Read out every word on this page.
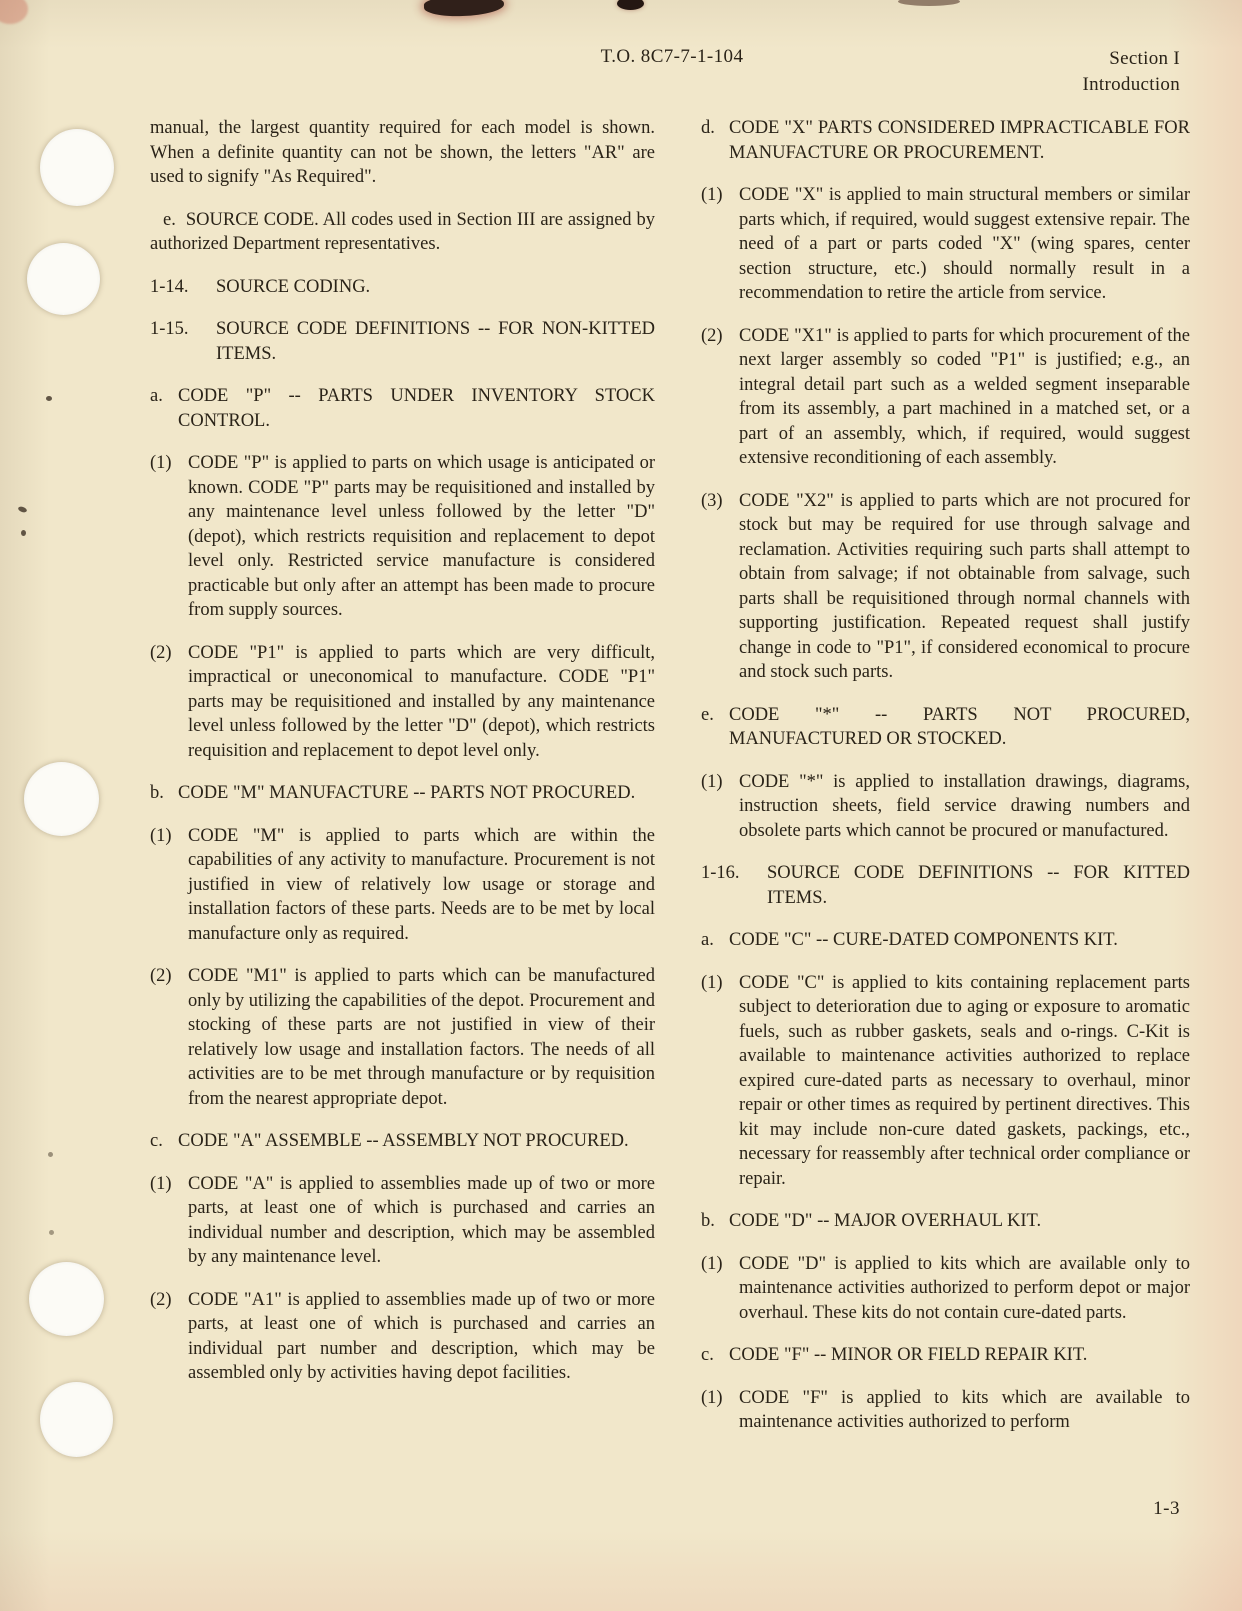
T.O. 8C7-7-1-104	Section I
Introduction

manual, the largest quantity required for each model is shown. When a definite quantity can not be shown, the letters "AR" are used to signify "As Required".

e. SOURCE CODE. All codes used in Section III are assigned by authorized Department representatives.

1-14. SOURCE CODING.

1-15. SOURCE CODE DEFINITIONS -- FOR NON-KITTED ITEMS.

a. CODE "P" -- PARTS UNDER INVENTORY STOCK CONTROL.

(1) CODE "P" is applied to parts on which usage is anticipated or known. CODE "P" parts may be requisitioned and installed by any maintenance level unless followed by the letter "D" (depot), which restricts requisition and replacement to depot level only. Restricted service manufacture is considered practicable but only after an attempt has been made to procure from supply sources.

(2) CODE "P1" is applied to parts which are very difficult, impractical or uneconomical to manufacture. CODE "P1" parts may be requisitioned and installed by any maintenance level unless followed by the letter "D" (depot), which restricts requisition and replacement to depot level only.

b. CODE "M" MANUFACTURE -- PARTS NOT PROCURED.

(1) CODE "M" is applied to parts which are within the capabilities of any activity to manufacture. Procurement is not justified in view of relatively low usage or storage and installation factors of these parts. Needs are to be met by local manufacture only as required.

(2) CODE "M1" is applied to parts which can be manufactured only by utilizing the capabilities of the depot. Procurement and stocking of these parts are not justified in view of their relatively low usage and installation factors. The needs of all activities are to be met through manufacture or by requisition from the nearest appropriate depot.

c. CODE "A" ASSEMBLE -- ASSEMBLY NOT PROCURED.

(1) CODE "A" is applied to assemblies made up of two or more parts, at least one of which is purchased and carries an individual number and description, which may be assembled by any maintenance level.

(2) CODE "A1" is applied to assemblies made up of two or more parts, at least one of which is purchased and carries an individual part number and description, which may be assembled only by activities having depot facilities.

d. CODE "X" PARTS CONSIDERED IMPRACTICABLE FOR MANUFACTURE OR PROCUREMENT.

(1) CODE "X" is applied to main structural members or similar parts which, if required, would suggest extensive repair. The need of a part or parts coded "X" (wing spares, center section structure, etc.) should normally result in a recommendation to retire the article from service.

(2) CODE "X1" is applied to parts for which procurement of the next larger assembly so coded "P1" is justified; e.g., an integral detail part such as a welded segment inseparable from its assembly, a part machined in a matched set, or a part of an assembly, which, if required, would suggest extensive reconditioning of each assembly.

(3) CODE "X2" is applied to parts which are not procured for stock but may be required for use through salvage and reclamation. Activities requiring such parts shall attempt to obtain from salvage; if not obtainable from salvage, such parts shall be requisitioned through normal channels with supporting justification. Repeated request shall justify change in code to "P1", if considered economical to procure and stock such parts.

e. CODE "*" -- PARTS NOT PROCURED, MANUFACTURED OR STOCKED.

(1) CODE "*" is applied to installation drawings, diagrams, instruction sheets, field service drawing numbers and obsolete parts which cannot be procured or manufactured.

1-16. SOURCE CODE DEFINITIONS -- FOR KITTED ITEMS.

a. CODE "C" -- CURE-DATED COMPONENTS KIT.

(1) CODE "C" is applied to kits containing replacement parts subject to deterioration due to aging or exposure to aromatic fuels, such as rubber gaskets, seals and o-rings. C-Kit is available to maintenance activities authorized to replace expired cure-dated parts as necessary to overhaul, minor repair or other times as required by pertinent directives. This kit may include non-cure dated gaskets, packings, etc., necessary for reassembly after technical order compliance or repair.

b. CODE "D" -- MAJOR OVERHAUL KIT.

(1) CODE "D" is applied to kits which are available only to maintenance activities authorized to perform depot or major overhaul. These kits do not contain cure-dated parts.

c. CODE "F" -- MINOR OR FIELD REPAIR KIT.

(1) CODE "F" is applied to kits which are available to maintenance activities authorized to perform

1-3
